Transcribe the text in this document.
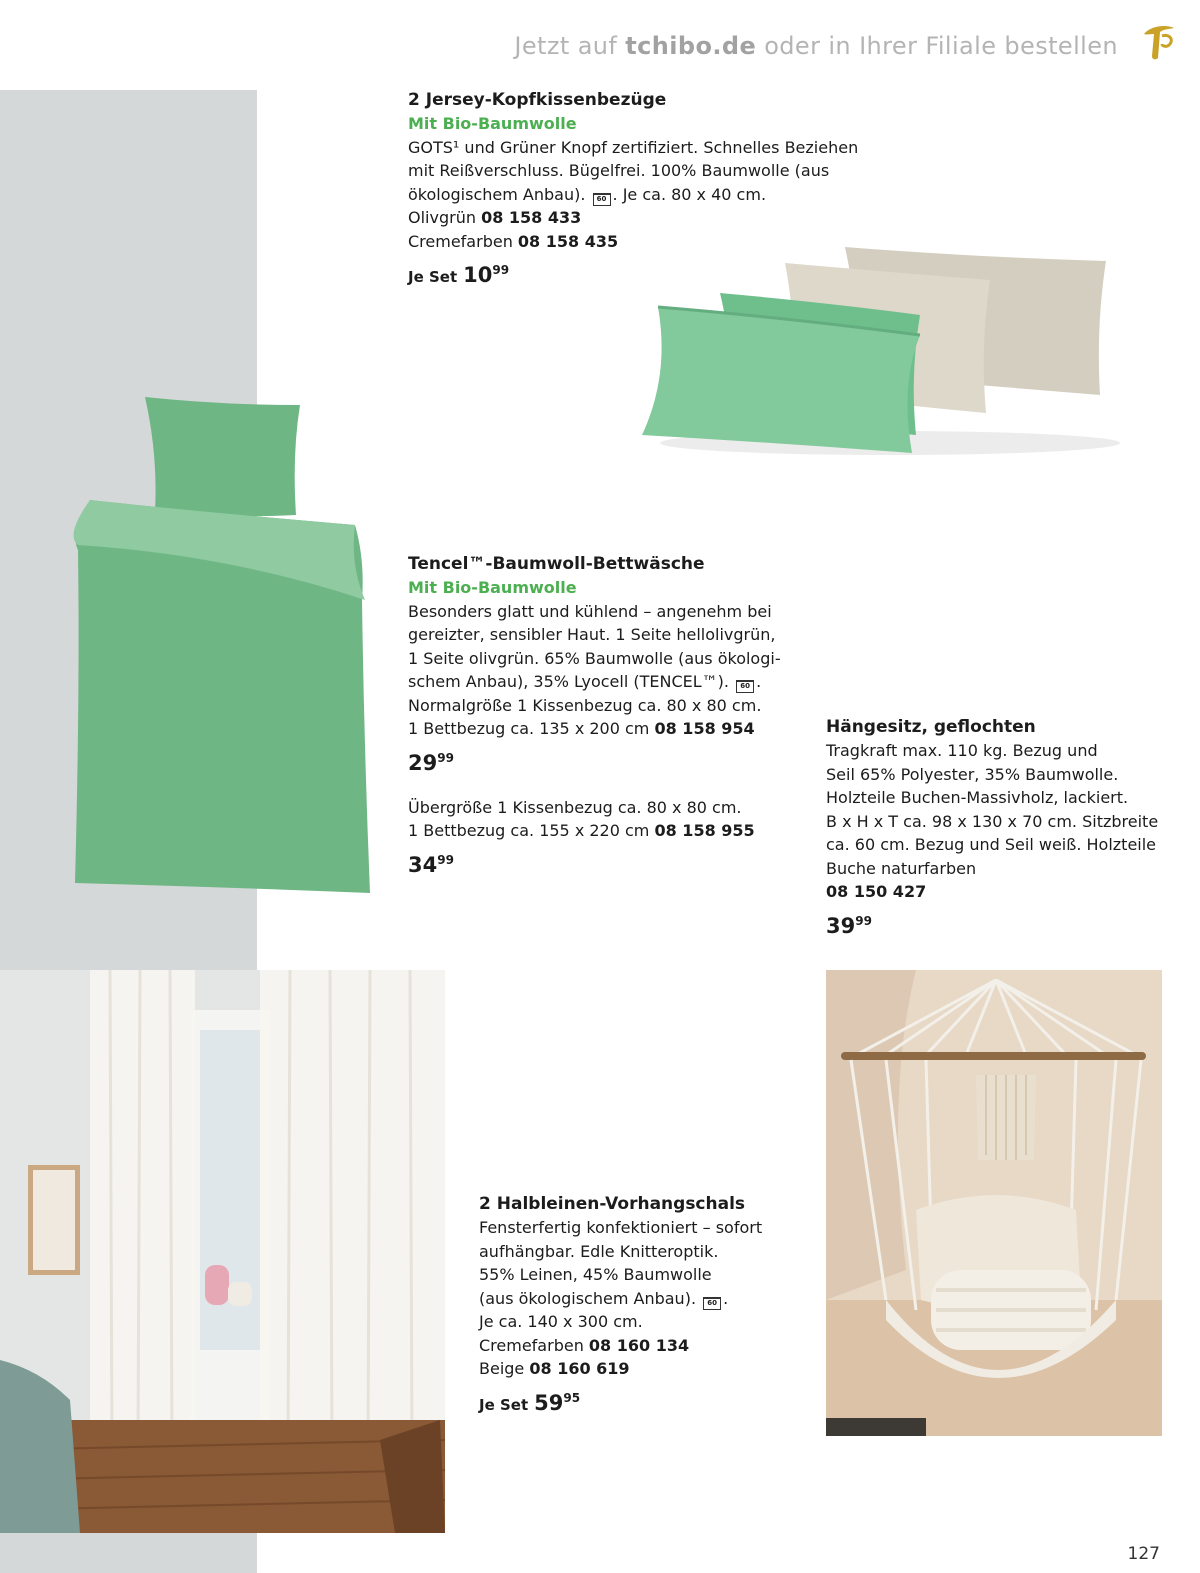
Jetzt auf tchibo.de oder in Ihrer Filiale bestellen
2 Jersey-Kopfkissenbezüge
Mit Bio-Baumwolle
GOTS¹ und Grüner Knopf zertifiziert. Schnelles Beziehen
mit Reißverschluss. Bügelfrei. 100% Baumwolle (aus
ökologischem Anbau). 60 . Je ca. 80 x 40 cm.
Olivgrün 08 158 433
Cremefarben 08 158 435
Je Set $10^{99}$
Tencel™-Baumwoll-Bettwäsche
Mit Bio-Baumwolle
Besonders glatt und kühlend – angenehm bei
gereizter, sensibler Haut. 1 Seite hellolivgrün,
1 Seite olivgrün. 65% Baumwolle (aus ökologi-
schem Anbau), 35% Lyocell (TENCEL™). 60 .
Normalgröße 1 Kissenbezug ca. 80 x 80 cm.
1 Bettbezug ca. 135 x 200 cm 08 158 954
$29^{99}$
Übergröße 1 Kissenbezug ca. 80 x 80 cm.
1 Bettbezug ca. 155 x 220 cm 08 158 955
$34^{99}$
Hängesitz, geflochten
Tragkraft max. 110 kg. Bezug und
Seil 65% Polyester, 35% Baumwolle.
Holzteile Buchen-Massivholz, lackiert.
B x H x T ca. 98 x 130 x 70 cm. Sitzbreite
ca. 60 cm. Bezug und Seil weiß. Holzteile
Buche naturfarben
08 150 427
$39^{99}$
2 Halbleinen-Vorhangschals
Fensterfertig konfektioniert – sofort
aufhängbar. Edle Knitteroptik.
55% Leinen, 45% Baumwolle
(aus ökologischem Anbau). 60 .
Je ca. 140 x 300 cm.
Cremefarben 08 160 134
Beige 08 160 619
Je Set $59^{95}$
127
